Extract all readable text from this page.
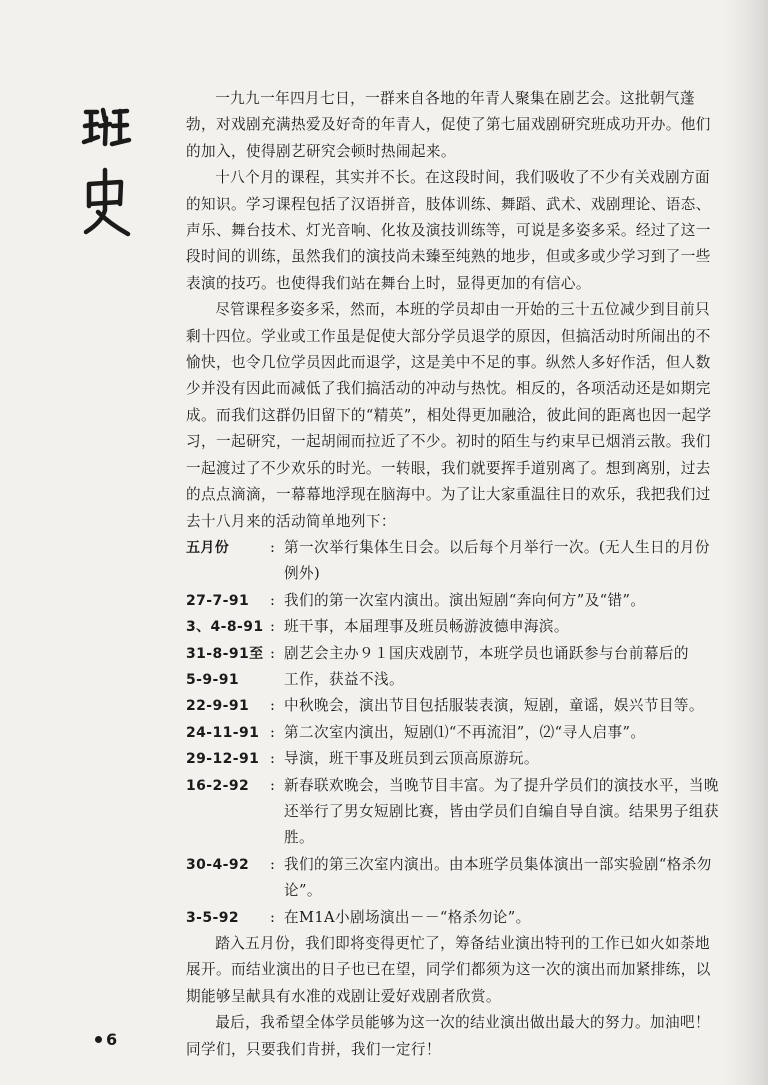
一九九一年四月七日，一群来自各地的年青人聚集在剧艺会。这批朝气蓬勃，对戏剧充满热爱及好奇的年青人，促使了第七届戏剧研究班成功开办。他们的加入，使得剧艺研究会顿时热闹起来。

十八个月的课程，其实并不长。在这段时间，我们吸收了不少有关戏剧方面的知识。学习课程包括了汉语拼音，肢体训练、舞蹈、武术、戏剧理论、语态、声乐、舞台技术、灯光音响、化妆及演技训练等，可说是多姿多采。经过了这一段时间的训练，虽然我们的演技尚未臻至纯熟的地步，但或多或少学习到了一些表演的技巧。也使得我们站在舞台上时，显得更加的有信心。

尽管课程多姿多采，然而，本班的学员却由一开始的三十五位减少到目前只剩十四位。学业或工作虽是促使大部分学员退学的原因，但搞活动时所闹出的不愉快，也令几位学员因此而退学，这是美中不足的事。纵然人多好作活，但人数少并没有因此而减低了我们搞活动的冲动与热忱。相反的，各项活动还是如期完成。而我们这群仍旧留下的“精英”，相处得更加融洽，彼此间的距离也因一起学习，一起研究，一起胡闹而拉近了不少。初时的陌生与约束早已烟消云散。我们一起渡过了不少欢乐的时光。一转眼，我们就要挥手道别离了。想到离别，过去的点点滴滴，一幕幕地浮现在脑海中。为了让大家重温往日的欢乐，我把我们过去十八月来的活动简单地列下：

五月份	: 第一次举行集体生日会。以后每个月举行一次。(无人生日的月份例外)
27-7-91	: 我们的第一次室内演出。演出短剧“奔向何方”及“错”。
3、4-8-91 : 班干事，本届理事及班员畅游波德申海滨。
31-8-91至 : 剧艺会主办９１国庆戏剧节，本班学员也诵跃参与台前幕后的
5-9-91	工作，获益不浅。
22-9-91	: 中秋晚会，演出节目包括服装表演，短剧，童谣，娱兴节目等。
24-11-91 : 第二次室内演出，短剧⑴“不再流泪”，⑵“寻人启事”。
29-12-91 : 导演，班干事及班员到云顶高原游玩。
16-2-92	: 新春联欢晚会，当晚节目丰富。为了提升学员们的演技水平，当晚还举行了男女短剧比赛，皆由学员们自编自导自演。结果男子组获胜。
30-4-92	: 我们的第三次室内演出。由本班学员集体演出一部实验剧“格杀勿论”。
3-5-92	: 在M1A小剧场演出－－“格杀勿论”。

踏入五月份，我们即将变得更忙了，筹备结业演出特刊的工作已如火如荼地展开。而结业演出的日子也已在望，同学们都须为这一次的演出而加紧排练，以期能够呈献具有水准的戏剧让爱好戏剧者欣赏。

最后，我希望全体学员能够为这一次的结业演出做出最大的努力。加油吧！同学们，只要我们肯拼，我们一定行！

6
